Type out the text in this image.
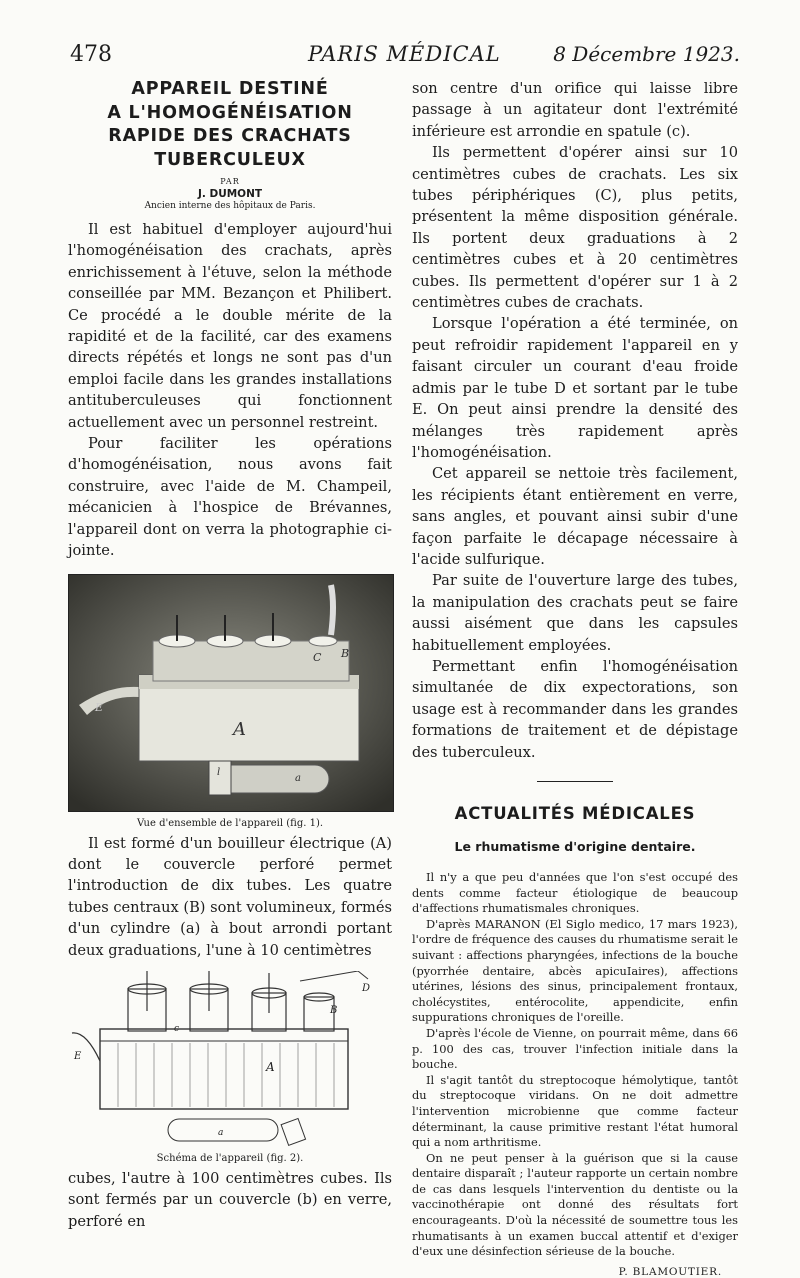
478	PARIS MÉDICAL	8 Décembre 1923.

APPAREIL DESTINÉ

A L'HOMOGÉNÉISATION

RAPIDE DES CRACHATS

TUBERCULEUX

PAR
J. DUMONT
Ancien interne des hôpitaux de Paris.

Il est habituel d'employer aujourd'hui l'homogénéisation des crachats, après enrichissement à l'étuve, selon la méthode conseillée par MM. Bezançon et Philibert. Ce procédé a le double mérite de la rapidité et de la facilité, car des examens directs répétés et longs ne sont pas d'un emploi facile dans les grandes installations antituberculeuses qui fonctionnent actuellement avec un personnel restreint.

Pour faciliter les opérations d'homogénéisation, nous avons fait construire, avec l'aide de M. Champeil, mécanicien à l'hospice de Brévannes, l'appareil dont on verra la photographie ci-jointe.

A
B
C
E
a
l
Vue d'ensemble de l'appareil (fig. 1).

Il est formé d'un bouilleur électrique (A) dont le couvercle perforé permet l'introduction de dix tubes. Les quatre tubes centraux (B) sont volumineux, formés d'un cylindre (a) à bout arrondi portant deux graduations, l'une à 10 centimètres

A
B
D
E
c
a
Schéma de l'appareil (fig. 2).

cubes, l'autre à 100 centimètres cubes. Ils sont fermés par un couvercle (b) en verre, perforé en

son centre d'un orifice qui laisse libre passage à un agitateur dont l'extrémité inférieure est arrondie en spatule (c).

Ils permettent d'opérer ainsi sur 10 centimètres cubes de crachats. Les six tubes périphériques (C), plus petits, présentent la même disposition générale. Ils portent deux graduations à 2 centimètres cubes et à 20 centimètres cubes. Ils permettent d'opérer sur 1 à 2 centimètres cubes de crachats.

Lorsque l'opération a été terminée, on peut refroidir rapidement l'appareil en y faisant circuler un courant d'eau froide admis par le tube D et sortant par le tube E. On peut ainsi prendre la densité des mélanges très rapidement après l'homogénéisation.

Cet appareil se nettoie très facilement, les récipients étant entièrement en verre, sans angles, et pouvant ainsi subir d'une façon parfaite le décapage nécessaire à l'acide sulfurique.

Par suite de l'ouverture large des tubes, la manipulation des crachats peut se faire aussi aisément que dans les capsules habituellement employées.

Permettant enfin l'homogénéisation simultanée de dix expectorations, son usage est à recommander dans les grandes formations de traitement et de dépistage des tuberculeux.

ACTUALITÉS MÉDICALES
Le rhumatisme d'origine dentaire.

Il n'y a que peu d'années que l'on s'est occupé des dents comme facteur étiologique de beaucoup d'affections rhumatismales chroniques.

D'après MARANON (El Siglo medico, 17 mars 1923), l'ordre de fréquence des causes du rhumatisme serait le suivant : affections pharyngées, infections de la bouche (pyorrhée dentaire, abcès apicuIaires), affections utérines, lésions des sinus, principalement frontaux, cholécystites, entérocolite, appendicite, enfin suppurations chroniques de l'oreille.

D'après l'école de Vienne, on pourrait même, dans 66 p. 100 des cas, trouver l'infection initiale dans la bouche.

Il s'agit tantôt du streptocoque hémolytique, tantôt du streptocoque viridans. On ne doit admettre l'intervention microbienne que comme facteur déterminant, la cause primitive restant l'état humoral qui a nom arthritisme.

On ne peut penser à la guérison que si la cause dentaire disparaît ; l'auteur rapporte un certain nombre de cas dans lesquels l'intervention du dentiste ou la vaccinothérapie ont donné des résultats fort encourageants. D'où la nécessité de soumettre tous les rhumatisants à un examen buccal attentif et d'exiger d'eux une désinfection sérieuse de la bouche.

P. BLAMOUTIER.
